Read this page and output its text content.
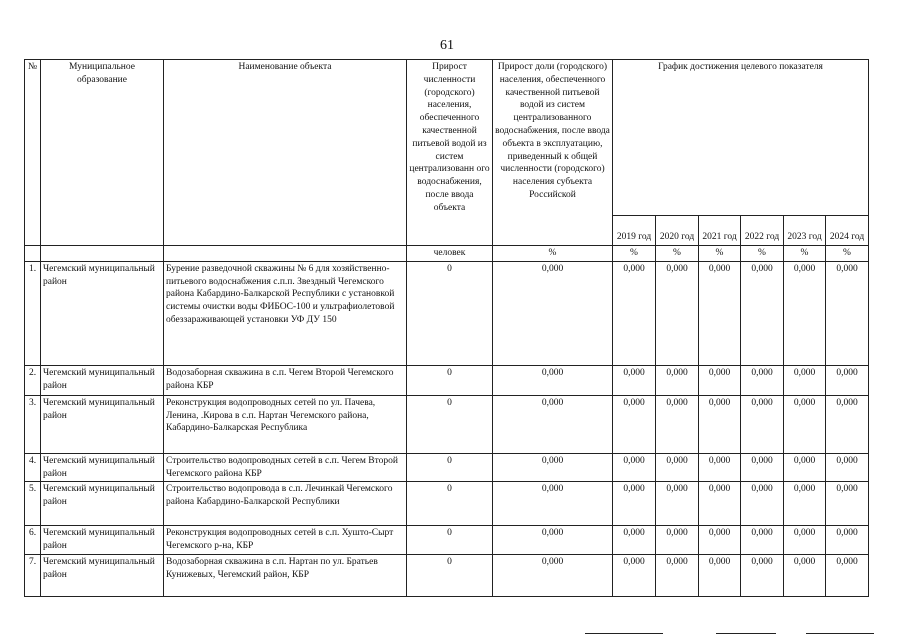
61
№	Муниципальное образование	Наименование объекта	Прирост численности (городского) населения, обеспеченного качественной питьевой водой из систем централизованн ого водоснабжения, после ввода объекта	Прирост доли (городского) населения, обеспеченного качественной питьевой водой из систем централизованного водоснабжения, после ввода объекта в эксплуатацию, приведенный к общей численности (городского) населения субъекта Российской	График достижения целевого показателя					
					2019 год	2020 год	2021 год	2022 год	2023 год	2024 год
			человек	%	%	%	%	%	%	%
1.	Чегемский муниципальный район	Бурение разведочной скважины № 6 для хозяйственно-питьевого водоснабжения с.п.п. Звездный Чегемского района Кабардино-Балкарской Республики с установкой системы очистки воды ФИБОС-100 и ультрафиолетовой обеззараживающей установки УФ ДУ 150	0	0,000	0,000	0,000	0,000	0,000	0,000	0,000
2.	Чегемский муниципальный район	Водозаборная скважина в с.п. Чегем Второй Чегемского района КБР	0	0,000	0,000	0,000	0,000	0,000	0,000	0,000
3.	Чегемский муниципальный район	Реконструкция водопроводных сетей по ул. Пачева, Ленина, .Кирова в с.п. Нартан Чегемского района, Кабардино-Балкарская Республика	0	0,000	0,000	0,000	0,000	0,000	0,000	0,000
4.	Чегемский муниципальный район	Строительство водопроводных сетей в с.п. Чегем Второй Чегемского района КБР	0	0,000	0,000	0,000	0,000	0,000	0,000	0,000
5.	Чегемский муниципальный район	Строительство водопровода в с.п. Лечинкай Чегемского района Кабардино-Балкарской Республики	0	0,000	0,000	0,000	0,000	0,000	0,000	0,000
6.	Чегемский муниципальный район	Реконструкция водопроводных сетей в с.п. Хушто-Сырт Чегемского р-на, КБР	0	0,000	0,000	0,000	0,000	0,000	0,000	0,000
7.	Чегемский муниципальный район	Водозаборная скважина в с.п. Нартан по ул. Братьев Кунижевых, Чегемский район, КБР	0	0,000	0,000	0,000	0,000	0,000	0,000	0,000
